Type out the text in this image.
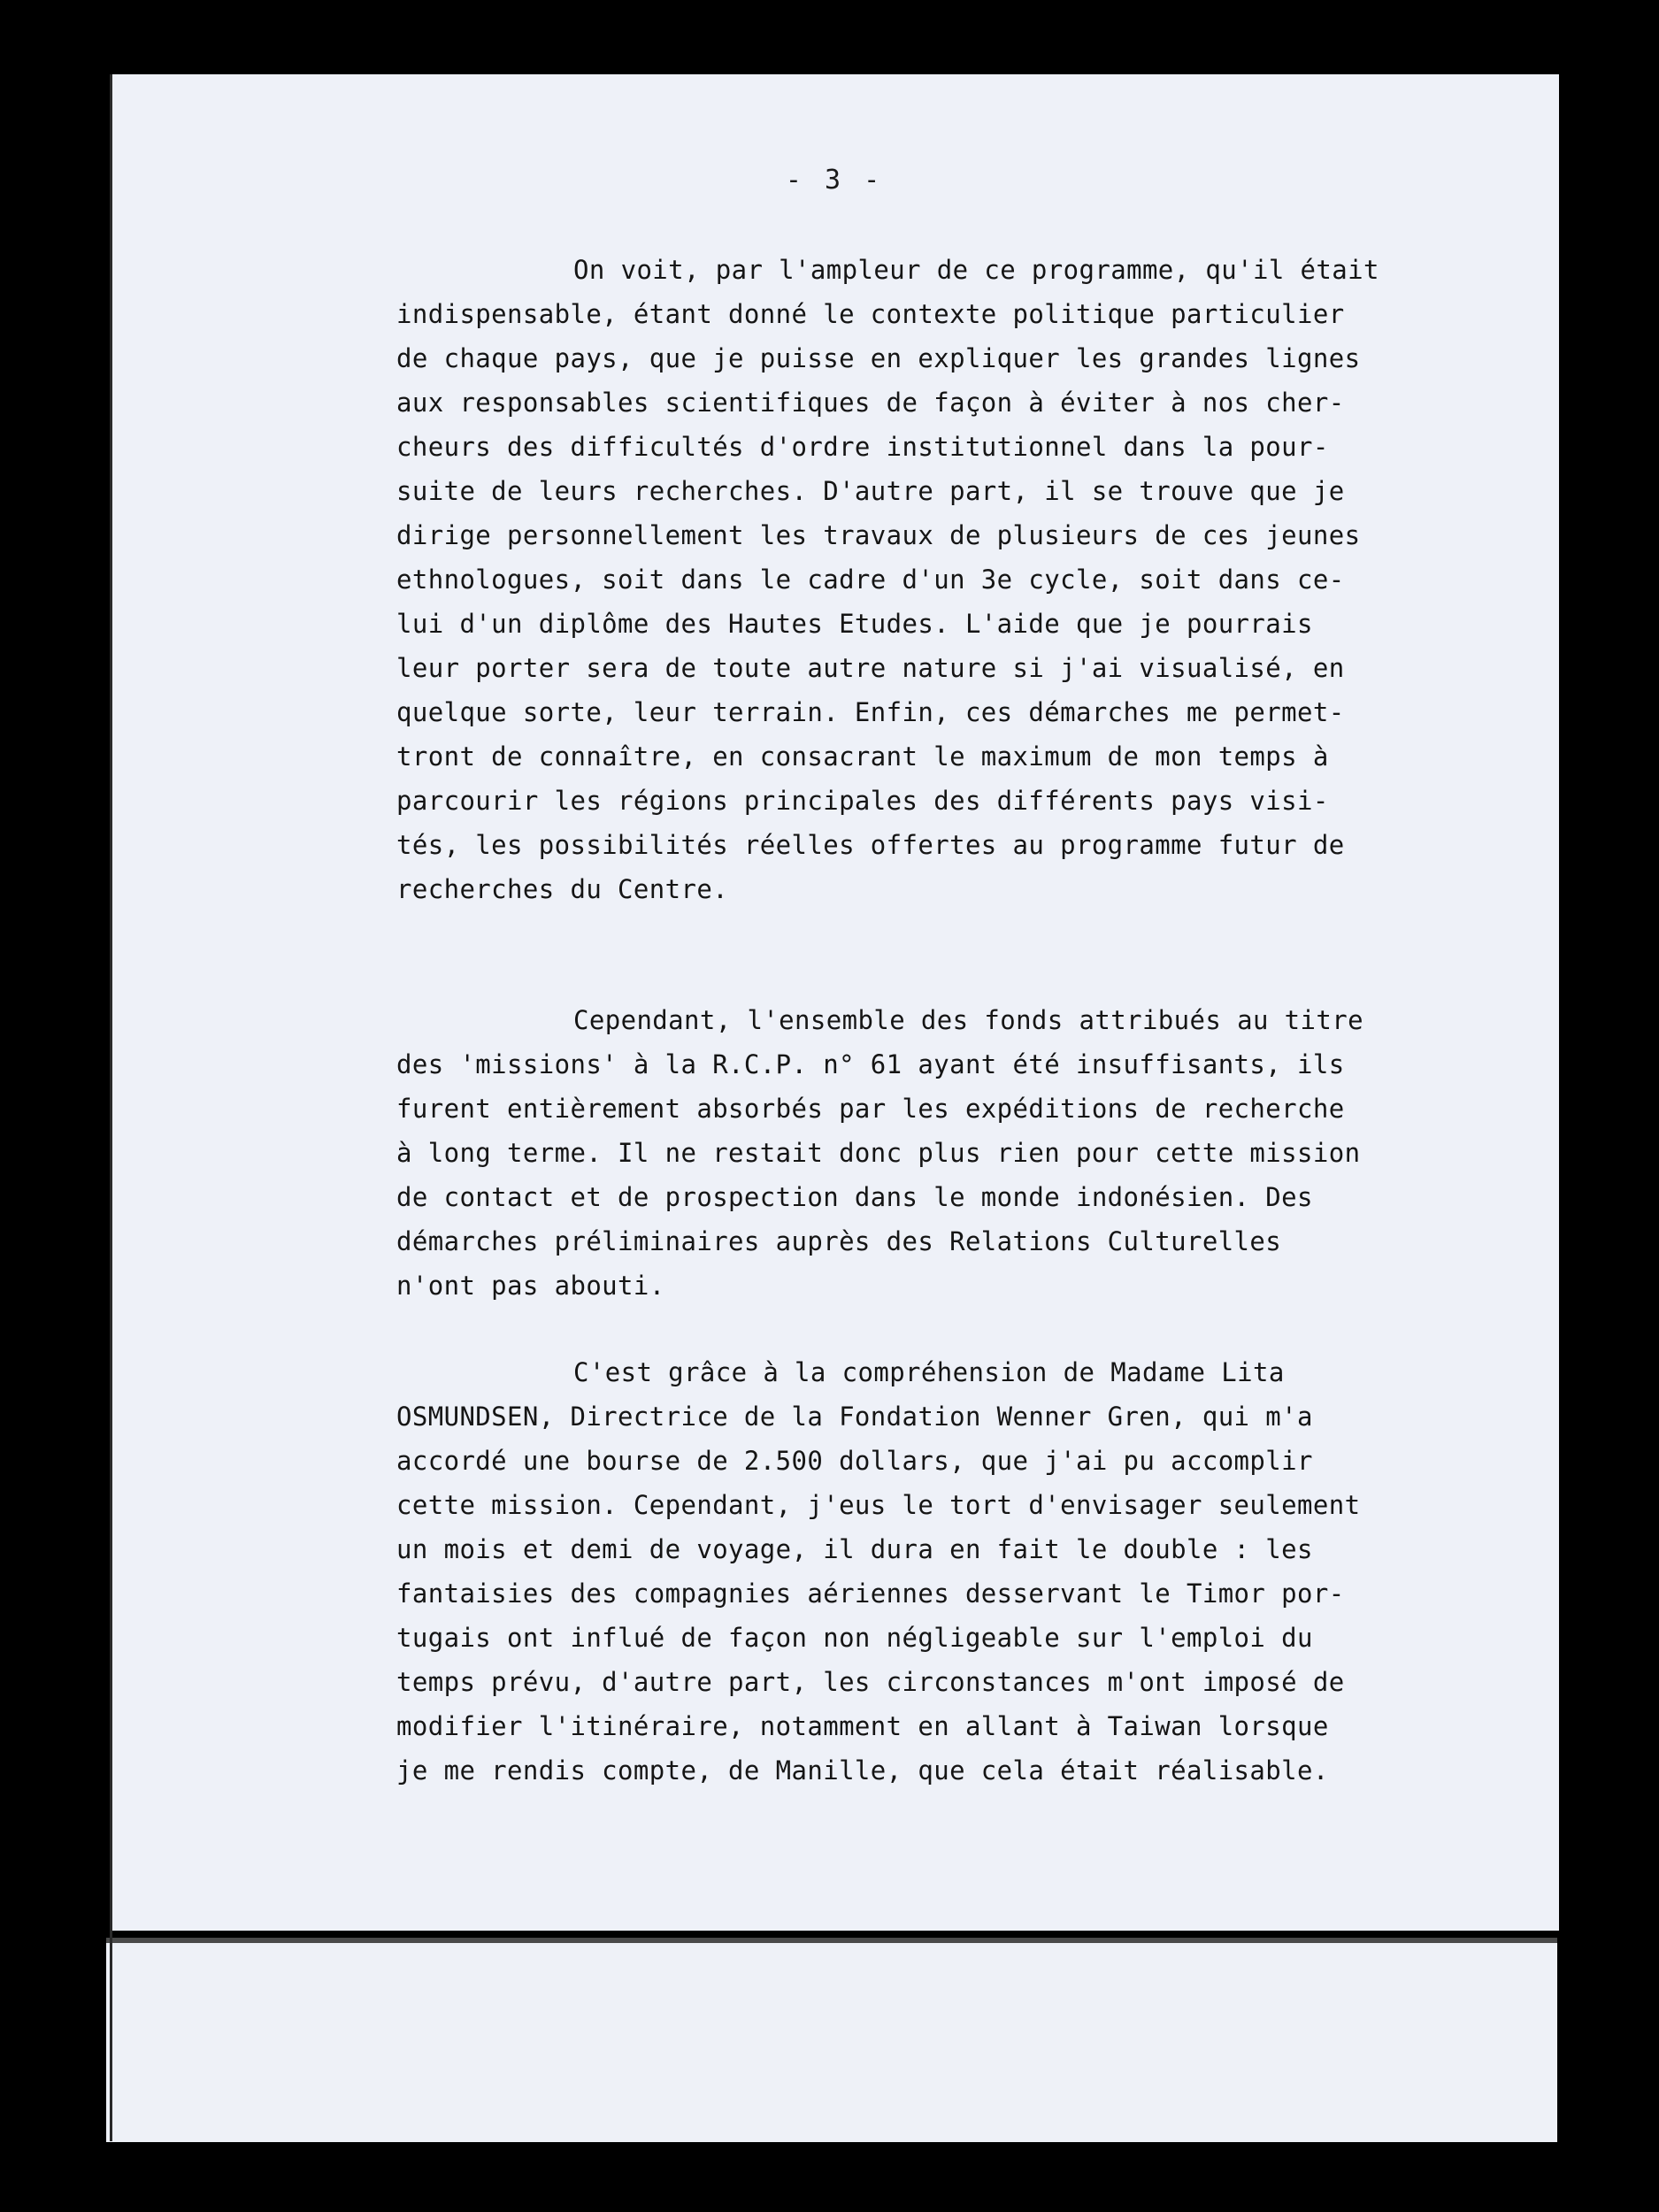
- 3 -
On voit, par l'ampleur de ce programme, qu'il était
indispensable, étant donné le contexte politique particulier
de chaque pays, que je puisse en expliquer les grandes lignes
aux responsables scientifiques de façon à éviter à nos cher-
cheurs des difficultés d'ordre institutionnel dans la pour-
suite de leurs recherches. D'autre part, il se trouve que je
dirige personnellement les travaux de plusieurs de ces jeunes
ethnologues, soit dans le cadre d'un 3e cycle, soit dans ce-
lui d'un diplôme des Hautes Etudes. L'aide que je pourrais
leur porter sera de toute autre nature si j'ai visualisé, en
quelque sorte, leur terrain. Enfin, ces démarches me permet-
tront de connaître, en consacrant le maximum de mon temps à
parcourir les régions principales des différents pays visi-
tés, les possibilités réelles offertes au programme futur de
recherches du Centre.
Cependant, l'ensemble des fonds attribués au titre
des 'missions' à la R.C.P. n° 61 ayant été insuffisants, ils
furent entièrement absorbés par les expéditions de recherche
à long terme. Il ne restait donc plus rien pour cette mission
de contact et de prospection dans le monde indonésien. Des
démarches préliminaires auprès des Relations Culturelles
n'ont pas abouti.
C'est grâce à la compréhension de Madame Lita
OSMUNDSEN, Directrice de la Fondation Wenner Gren, qui m'a
accordé une bourse de 2.500 dollars, que j'ai pu accomplir
cette mission. Cependant, j'eus le tort d'envisager seulement
un mois et demi de voyage, il dura en fait le double : les
fantaisies des compagnies aériennes desservant le Timor por-
tugais ont influé de façon non négligeable sur l'emploi du
temps prévu, d'autre part, les circonstances m'ont imposé de
modifier l'itinéraire, notamment en allant à Taiwan lorsque
je me rendis compte, de Manille, que cela était réalisable.
